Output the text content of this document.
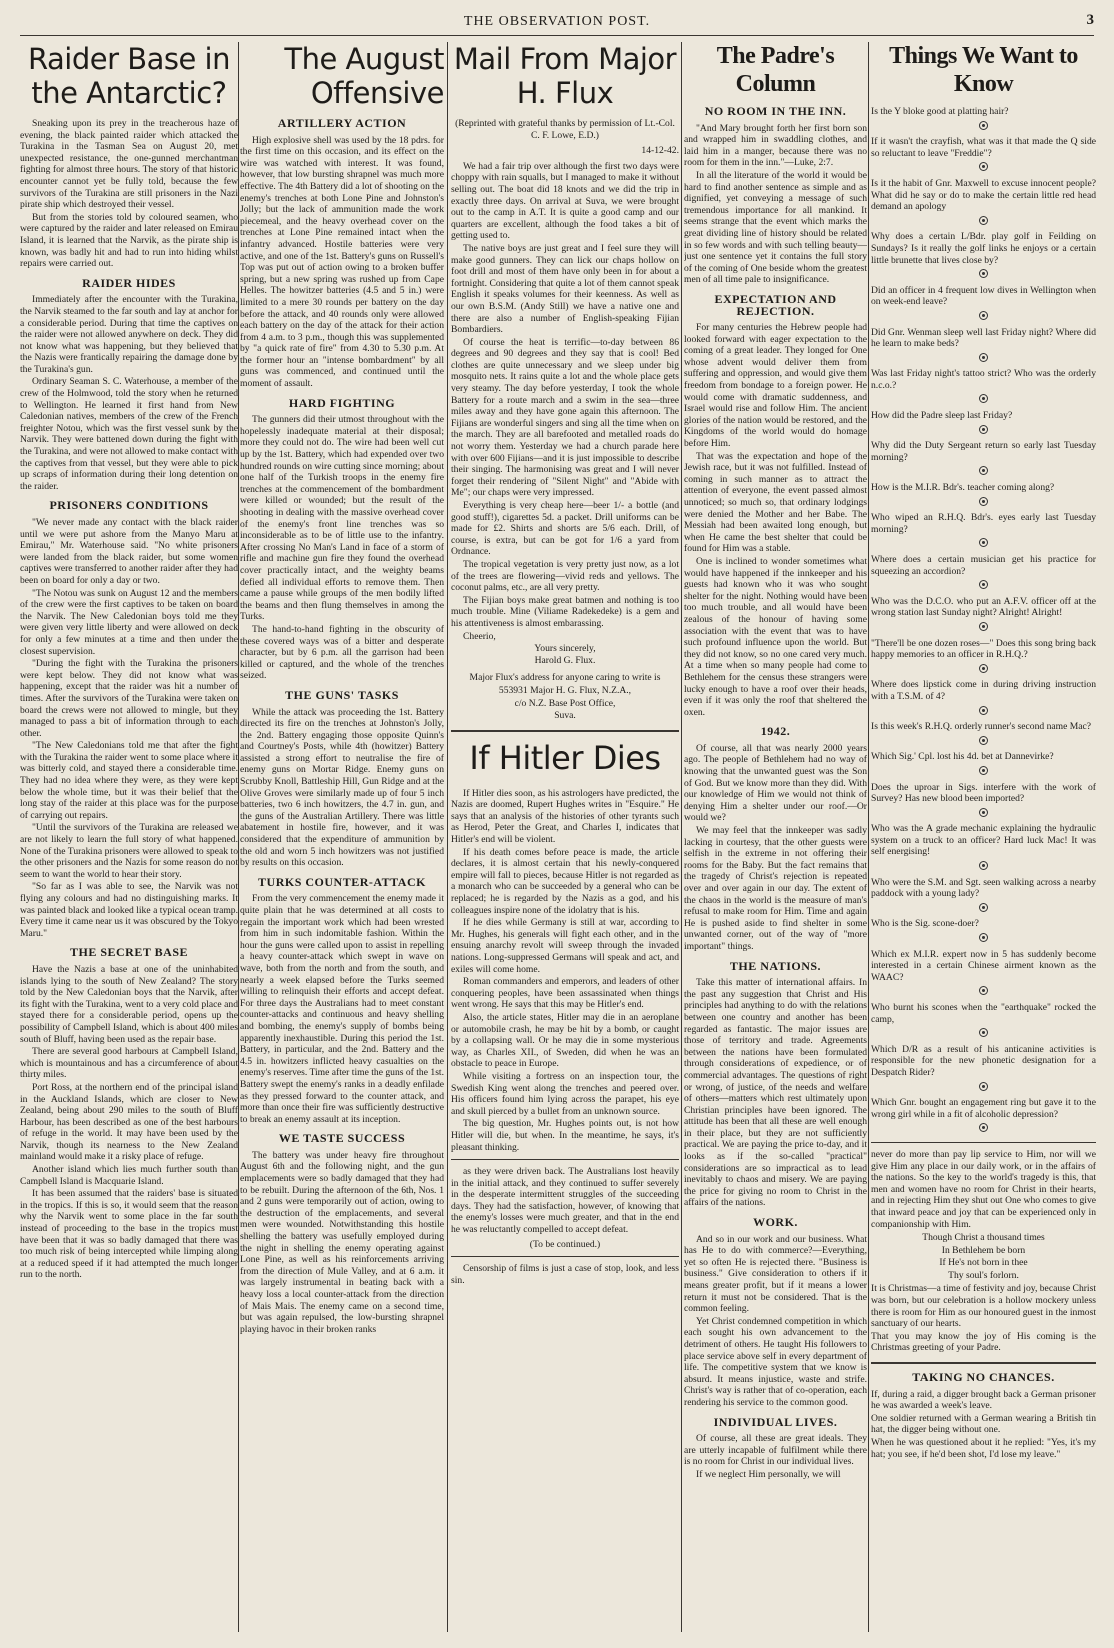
THE OBSERVATION POST.	3
Raider Base in the Antarctic?

Sneaking upon its prey in the treacherous haze of evening, the black painted raider which attacked the Turakina in the Tasman Sea on August 20, met unexpected resistance, the one-gunned merchantman fighting for almost three hours. The story of that historic encounter cannot yet be fully told, because the few survivors of the Turakina are still prisoners in the Nazi pirate ship which destroyed their vessel.

But from the stories told by coloured seamen, who were captured by the raider and later released on Emirau Island, it is learned that the Narvik, as the pirate ship is known, was badly hit and had to run into hiding whilst repairs were carried out.

RAIDER HIDES

Immediately after the encounter with the Turakina, the Narvik steamed to the far south and lay at anchor for a considerable period. During that time the captives on the raider were not allowed anywhere on deck. They did not know what was happening, but they believed that the Nazis were frantically repairing the damage done by the Turakina's gun.

Ordinary Seaman S. C. Waterhouse, a member of the crew of the Holmwood, told the story when he returned to Wellington. He learned it first hand from New Caledonian natives, members of the crew of the French freighter Notou, which was the first vessel sunk by the Narvik. They were battened down during the fight with the Turakina, and were not allowed to make contact with the captives from that vessel, but they were able to pick up scraps of information during their long detention on the raider.

PRISONERS CONDITIONS

"We never made any contact with the black raider until we were put ashore from the Manyo Maru at Emirau," Mr. Waterhouse said. "No white prisoners were landed from the black raider, but some women captives were transferred to another raider after they had been on board for only a day or two.

"The Notou was sunk on August 12 and the members of the crew were the first captives to be taken on board the Narvik. The New Caledonian boys told me they were given very little liberty and were allowed on deck for only a few minutes at a time and then under the closest supervision.

"During the fight with the Turakina the prisoners were kept below. They did not know what was happening, except that the raider was hit a number of times. After the survivors of the Turakina were taken on board the crews were not allowed to mingle, but they managed to pass a bit of information through to each other.

"The New Caledonians told me that after the fight with the Turakina the raider went to some place where it was bitterly cold, and stayed there a considerable time. They had no idea where they were, as they were kept below the whole time, but it was their belief that the long stay of the raider at this place was for the purpose of carrying out repairs.

"Until the survivors of the Turakina are released we are not likely to learn the full story of what happened. None of the Turakina prisoners were allowed to speak to the other prisoners and the Nazis for some reason do not seem to want the world to hear their story.

"So far as I was able to see, the Narvik was not flying any colours and had no distinguishing marks. It was painted black and looked like a typical ocean tramp. Every time it came near us it was obscured by the Tokyo Maru."

THE SECRET BASE

Have the Nazis a base at one of the uninhabited islands lying to the south of New Zealand? The story told by the New Caledonian boys that the Narvik, after its fight with the Turakina, went to a very cold place and stayed there for a considerable period, opens up the possibility of Campbell Island, which is about 400 miles south of Bluff, having been used as the repair base.

There are several good harbours at Campbell Island, which is mountainous and has a circumference of about thirty miles.

Port Ross, at the northern end of the principal island in the Auckland Islands, which are closer to New Zealand, being about 290 miles to the south of Bluff Harbour, has been described as one of the best harbours of refuge in the world. It may have been used by the Narvik, though its nearness to the New Zealand mainland would make it a risky place of refuge.

Another island which lies much further south than Campbell Island is Macquarie Island.

It has been assumed that the raiders' base is situated in the tropics. If this is so, it would seem that the reason why the Narvik went to some place in the far south instead of proceeding to the base in the tropics must have been that it was so badly damaged that there was too much risk of being intercepted while limping along at a reduced speed if it had attempted the much longer run to the north.

The August Offensive
ARTILLERY ACTION

High explosive shell was used by the 18 pdrs. for the first time on this occasion, and its effect on the wire was watched with interest. It was found, however, that low bursting shrapnel was much more effective. The 4th Battery did a lot of shooting on the enemy's trenches at both Lone Pine and Johnston's Jolly; but the lack of ammunition made the work piecemeal, and the heavy overhead cover on the trenches at Lone Pine remained intact when the infantry advanced. Hostile batteries were very active, and one of the 1st. Battery's guns on Russell's Top was put out of action owing to a broken buffer spring, but a new spring was rushed up from Cape Helles. The howitzer batteries (4.5 and 5 in.) were limited to a mere 30 rounds per battery on the day before the attack, and 40 rounds only were allowed each battery on the day of the attack for their action from 4 a.m. to 3 p.m., though this was supplemented by "a quick rate of fire" from 4.30 to 5.30 p.m. At the former hour an "intense bombardment" by all guns was commenced, and continued until the moment of assault.

HARD FIGHTING

The gunners did their utmost throughout with the hopelessly inadequate material at their disposal; more they could not do. The wire had been well cut up by the 1st. Battery, which had expended over two hundred rounds on wire cutting since morning; about one half of the Turkish troops in the enemy fire trenches at the commencement of the bombardment were killed or wounded; but the result of the shooting in dealing with the massive overhead cover of the enemy's front line trenches was so inconsiderable as to be of little use to the infantry. After crossing No Man's Land in face of a storm of rifle and machine gun fire they found the overhead cover practically intact, and the weighty beams defied all individual efforts to remove them. Then came a pause while groups of the men bodily lifted the beams and then flung themselves in among the Turks.

The hand-to-hand fighting in the obscurity of these covered ways was of a bitter and desperate character, but by 6 p.m. all the garrison had been killed or captured, and the whole of the trenches seized.

THE GUNS' TASKS

While the attack was proceeding the 1st. Battery directed its fire on the trenches at Johnston's Jolly, the 2nd. Battery engaging those opposite Quinn's and Courtney's Posts, while 4th (howitzer) Battery assisted a strong effort to neutralise the fire of enemy guns on Mortar Ridge. Enemy guns on Scrubby Knoll, Battleship Hill, Gun Ridge and at the Olive Groves were similarly made up of four 5 inch batteries, two 6 inch howitzers, the 4.7 in. gun, and the guns of the Australian Artillery. There was little abatement in hostile fire, however, and it was considered that the expenditure of ammunition by the old and worn 5 inch howitzers was not justified by results on this occasion.

TURKS COUNTER-ATTACK

From the very commencement the enemy made it quite plain that he was determined at all costs to regain the important work which had been wrested from him in such indomitable fashion. Within the hour the guns were called upon to assist in repelling a heavy counter-attack which swept in wave on wave, both from the north and from the south, and nearly a week elapsed before the Turks seemed willing to relinquish their efforts and accept defeat. For three days the Australians had to meet constant counter-attacks and continuous and heavy shelling and bombing, the enemy's supply of bombs being apparently inexhaustible. During this period the 1st. Battery, in particular, and the 2nd. Battery and the 4.5 in. howitzers inflicted heavy casualties on the enemy's reserves. Time after time the guns of the 1st. Battery swept the enemy's ranks in a deadly enfilade as they pressed forward to the counter attack, and more than once their fire was sufficiently destructive to break an enemy assault at its inception.

WE TASTE SUCCESS

The battery was under heavy fire throughout August 6th and the following night, and the gun emplacements were so badly damaged that they had to be rebuilt. During the afternoon of the 6th, Nos. 1 and 2 guns were temporarily out of action, owing to the destruction of the emplacements, and several men were wounded. Notwithstanding this hostile shelling the battery was usefully employed during the night in shelling the enemy operating against Lone Pine, as well as his reinforcements arriving from the direction of Mule Valley, and at 6 a.m. it was largely instrumental in beating back with a heavy loss a local counter-attack from the direction of Mais Mais. The enemy came on a second time, but was again repulsed, the low-bursting shrapnel playing havoc in their broken ranks

Mail From Major H. Flux
(Reprinted with grateful thanks by permission of Lt.-Col. C. F. Lowe, E.D.)
14-12-42.

We had a fair trip over although the first two days were choppy with rain squalls, but I managed to make it without selling out. The boat did 18 knots and we did the trip in exactly three days. On arrival at Suva, we were brought out to the camp in A.T. It is quite a good camp and our quarters are excellent, although the food takes a bit of getting used to.

The native boys are just great and I feel sure they will make good gunners. They can lick our chaps hollow on foot drill and most of them have only been in for about a fortnight. Considering that quite a lot of them cannot speak English it speaks volumes for their keenness. As well as our own B.S.M. (Andy Still) we have a native one and there are also a number of English-speaking Fijian Bombardiers.

Of course the heat is terrific—to-day between 86 degrees and 90 degrees and they say that is cool! Bed clothes are quite unnecessary and we sleep under big mosquito nets. It rains quite a lot and the whole place gets very steamy. The day before yesterday, I took the whole Battery for a route march and a swim in the sea—three miles away and they have gone again this afternoon. The Fijians are wonderful singers and sing all the time when on the march. They are all barefooted and metalled roads do not worry them. Yesterday we had a church parade here with over 600 Fijians—and it is just impossible to describe their singing. The harmonising was great and I will never forget their rendering of "Silent Night" and "Abide with Me"; our chaps were very impressed.

Everything is very cheap here—beer 1/- a bottle (and good stuff!), cigarettes 5d. a packet. Drill uniforms can be made for £2. Shirts and shorts are 5/6 each. Drill, of course, is extra, but can be got for 1/6 a yard from Ordnance.

The tropical vegetation is very pretty just now, as a lot of the trees are flowering—vivid reds and yellows. The coconut palms, etc., are all very pretty.

The Fijian boys make great batmen and nothing is too much trouble. Mine (Viliame Radekedeke) is a gem and his attentiveness is almost embarassing.

Cheerio,

Yours sincerely,
Harold G. Flux.

Major Flux's address for anyone caring to write is

553931 Major H. G. Flux, N.Z.A.,

c/o N.Z. Base Post Office,

Suva.

If Hitler Dies

If Hitler dies soon, as his astrologers have predicted, the Nazis are doomed, Rupert Hughes writes in "Esquire." He says that an analysis of the histories of other tyrants such as Herod, Peter the Great, and Charles I, indicates that Hitler's end will be violent.

If his death comes before peace is made, the article declares, it is almost certain that his newly-conquered empire will fall to pieces, because Hitler is not regarded as a monarch who can be succeeded by a general who can be replaced; he is regarded by the Nazis as a god, and his colleagues inspire none of the idolatry that is his.

If he dies while Germany is still at war, according to Mr. Hughes, his generals will fight each other, and in the ensuing anarchy revolt will sweep through the invaded nations. Long-suppressed Germans will speak and act, and exiles will come home.

Roman commanders and emperors, and leaders of other conquering peoples, have been assassinated when things went wrong. He says that this may be Hitler's end.

Also, the article states, Hitler may die in an aeroplane or automobile crash, he may be hit by a bomb, or caught by a collapsing wall. Or he may die in some mysterious way, as Charles XII., of Sweden, did when he was an obstacle to peace in Europe.

While visiting a fortress on an inspection tour, the Swedish King went along the trenches and peered over. His officers found him lying across the parapet, his eye and skull pierced by a bullet from an unknown source.

The big question, Mr. Hughes points out, is not how Hitler will die, but when. In the meantime, he says, it's pleasant thinking.

as they were driven back. The Australians lost heavily in the initial attack, and they continued to suffer severely in the desperate intermittent struggles of the succeeding days. They had the satisfaction, however, of knowing that the enemy's losses were much greater, and that in the end he was reluctantly compelled to accept defeat.

(To be continued.)

Censorship of films is just a case of stop, look, and less sin.

The Padre's Column
NO ROOM IN THE INN.

"And Mary brought forth her first born son and wrapped him in swaddling clothes, and laid him in a manger, because there was no room for them in the inn."—Luke, 2:7.

In all the literature of the world it would be hard to find another sentence as simple and as dignified, yet conveying a message of such tremendous importance for all mankind. It seems strange that the event which marks the great dividing line of history should be related in so few words and with such telling beauty—just one sentence yet it contains the full story of the coming of One beside whom the greatest men of all time pale to insignificance.

EXPECTATION AND REJECTION.

For many centuries the Hebrew people had looked forward with eager expectation to the coming of a great leader. They longed for One whose advent would deliver them from suffering and oppression, and would give them freedom from bondage to a foreign power. He would come with dramatic suddenness, and Israel would rise and follow Him. The ancient glories of the nation would be restored, and the Kingdoms of the world would do homage before Him.

That was the expectation and hope of the Jewish race, but it was not fulfilled. Instead of coming in such manner as to attract the attention of everyone, the event passed almost unnoticed; so much so, that ordinary lodgings were denied the Mother and her Babe. The Messiah had been awaited long enough, but when He came the best shelter that could be found for Him was a stable.

One is inclined to wonder sometimes what would have happened if the innkeeper and his guests had known who it was who sought shelter for the night. Nothing would have been too much trouble, and all would have been zealous of the honour of having some association with the event that was to have such profound influence upon the world. But they did not know, so no one cared very much. At a time when so many people had come to Bethlehem for the census these strangers were lucky enough to have a roof over their heads, even if it was only the roof that sheltered the oxen.

1942.

Of course, all that was nearly 2000 years ago. The people of Bethlehem had no way of knowing that the unwanted guest was the Son of God. But we know more than they did. With our knowledge of Him we would not think of denying Him a shelter under our roof.—Or would we?

We may feel that the innkeeper was sadly lacking in courtesy, that the other guests were selfish in the extreme in not offering their rooms for the Baby. But the fact remains that the tragedy of Christ's rejection is repeated over and over again in our day. The extent of the chaos in the world is the measure of man's refusal to make room for Him. Time and again He is pushed aside to find shelter in some unwanted corner, out of the way of "more important" things.

THE NATIONS.

Take this matter of international affairs. In the past any suggestion that Christ and His principles had anything to do with the relations between one country and another has been regarded as fantastic. The major issues are those of territory and trade. Agreements between the nations have been formulated through considerations of expedience, or of commercial advantages. The questions of right or wrong, of justice, of the needs and welfare of others—matters which rest ultimately upon Christian principles have been ignored. The attitude has been that all these are well enough in their place, but they are not sufficiently practical. We are paying the price to-day, and it looks as if the so-called "practical" considerations are so impractical as to lead inevitably to chaos and misery. We are paying the price for giving no room to Christ in the affairs of the nations.

WORK.

And so in our work and our business. What has He to do with commerce?—Everything, yet so often He is rejected there. "Business is business." Give consideration to others if it means greater profit, but if it means a lower return it must not be considered. That is the common feeling.

Yet Christ condemned competition in which each sought his own advancement to the detriment of others. He taught His followers to place service above self in every department of life. The competitive system that we know is absurd. It means injustice, waste and strife. Christ's way is rather that of co-operation, each rendering his service to the common good.

INDIVIDUAL LIVES.

Of course, all these are great ideals. They are utterly incapable of fulfilment while there is no room for Christ in our individual lives.

If we neglect Him personally, we will

Things We Want to Know

Is the Y bloke good at platting hair?

If it wasn't the crayfish, what was it that made the Q side so reluctant to leave "Freddie"?

Is it the habit of Gnr. Maxwell to excuse innocent people? What did he say or do to make the certain little red head demand an apology

Why does a certain L/Bdr. play golf in Feilding on Sundays? Is it really the golf links he enjoys or a certain little brunette that lives close by?

Did an officer in 4 frequent low dives in Wellington when on week-end leave?

Did Gnr. Wenman sleep well last Friday night? Where did he learn to make beds?

Was last Friday night's tattoo strict? Who was the orderly n.c.o.?

How did the Padre sleep last Friday?

Why did the Duty Sergeant return so early last Tuesday morning?

How is the M.I.R. Bdr's. teacher coming along?

Who wiped an R.H.Q. Bdr's. eyes early last Tuesday morning?

Where does a certain musician get his practice for squeezing an accordion?

Who was the D.C.O. who put an A.F.V. officer off at the wrong station last Sunday night? Alright! Alright!

"There'll be one dozen roses—" Does this song bring back happy memories to an officer in R.H.Q.?

Where does lipstick come in during driving instruction with a T.S.M. of 4?

Is this week's R.H.Q. orderly runner's second name Mac?

Which Sig.' Cpl. lost his 4d. bet at Dannevirke?

Does the uproar in Sigs. interfere with the work of Survey? Has new blood been imported?

Who was the A grade mechanic explaining the hydraulic system on a truck to an officer? Hard luck Mac! It was self energising!

Who were the S.M. and Sgt. seen walking across a nearby paddock with a young lady?

Who is the Sig. scone-doer?

Which ex M.I.R. expert now in 5 has suddenly become interested in a certain Chinese airment known as the WAAC?

Who burnt his scones when the "earthquake" rocked the camp,

Which D/R as a result of his anticanine activities is responsible for the new phonetic designation for a Despatch Rider?

Which Gnr. bought an engagement ring but gave it to the wrong girl while in a fit of alcoholic depression?

never do more than pay lip service to Him, nor will we give Him any place in our daily work, or in the affairs of the nations. So the key to the world's tragedy is this, that men and women have no room for Christ in their hearts, and in rejecting Him they shut out One who comes to give that inward peace and joy that can be experienced only in companionship with Him.

Though Christ a thousand times

In Bethlehem be born

If He's not born in thee

Thy soul's forlorn.

It is Christmas—a time of festivity and joy, because Christ was born, but our celebration is a hollow mockery unless there is room for Him as our honoured guest in the inmost sanctuary of our hearts.

That you may know the joy of His coming is the Christmas greeting of your Padre.

TAKING NO CHANCES.

If, during a raid, a digger brought back a German prisoner he was awarded a week's leave.

One soldier returned with a German wearing a British tin hat, the digger being without one.

When he was questioned about it he replied: "Yes, it's my hat; you see, if he'd been shot, I'd lose my leave."
